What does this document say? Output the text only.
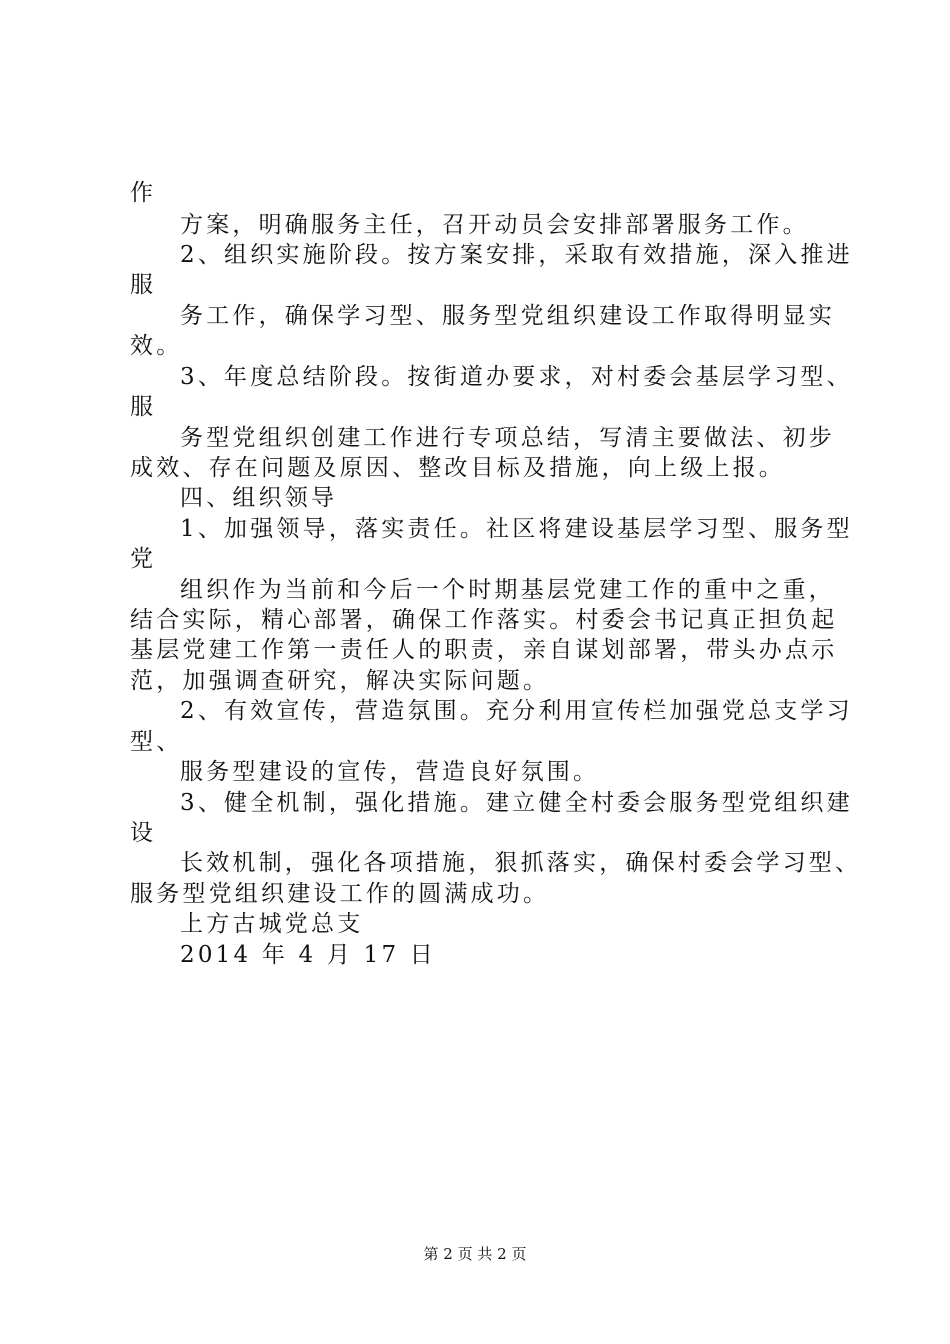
作
方案，明确服务主任，召开动员会安排部署服务工作。
2、组织实施阶段。按方案安排，采取有效措施，深入推进
服
务工作，确保学习型、服务型党组织建设工作取得明显实
效。
3、年度总结阶段。按街道办要求，对村委会基层学习型、
服
务型党组织创建工作进行专项总结，写清主要做法、初步
成效、存在问题及原因、整改目标及措施，向上级上报。
四、组织领导
1、加强领导，落实责任。社区将建设基层学习型、服务型
党
组织作为当前和今后一个时期基层党建工作的重中之重，
结合实际，精心部署，确保工作落实。村委会书记真正担负起
基层党建工作第一责任人的职责，亲自谋划部署，带头办点示
范，加强调查研究，解决实际问题。
2、有效宣传，营造氛围。充分利用宣传栏加强党总支学习
型、
服务型建设的宣传，营造良好氛围。
3、健全机制，强化措施。建立健全村委会服务型党组织建
设
长效机制，强化各项措施，狠抓落实，确保村委会学习型、
服务型党组织建设工作的圆满成功。
上方古城党总支
2014 年 4 月 17 日
第 2 页 共 2 页
